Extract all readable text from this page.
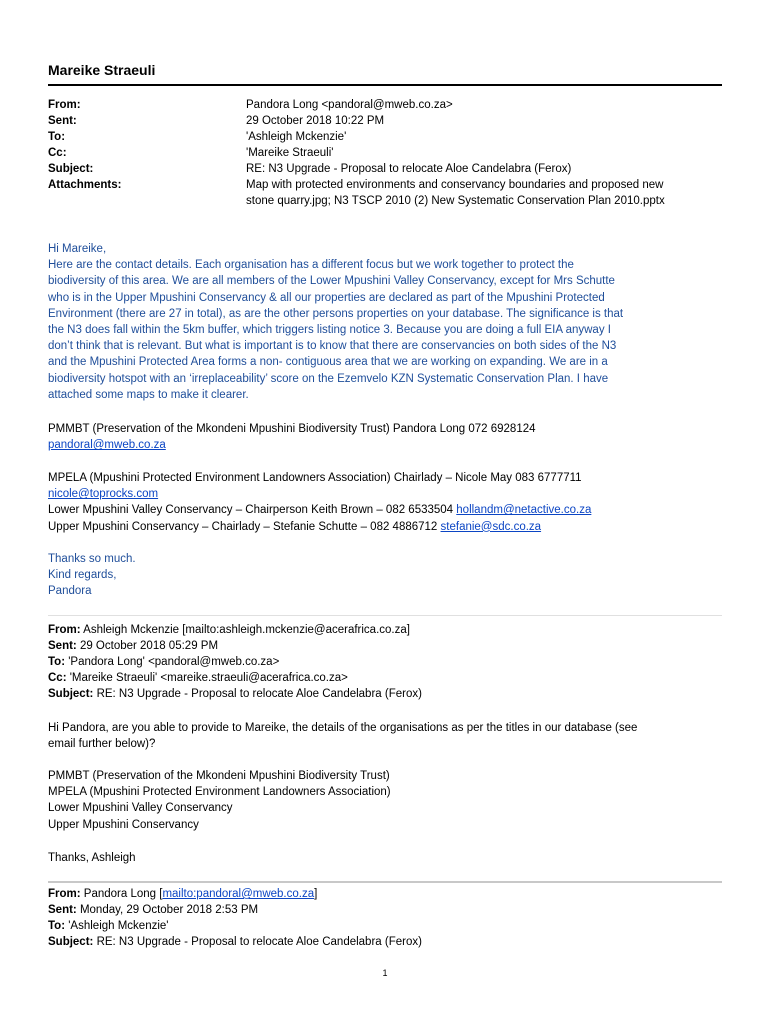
Mareike Straeuli
From:	Pandora Long <pandoral@mweb.co.za>
Sent:	29 October 2018 10:22 PM
To:	'Ashleigh Mckenzie'
Cc:	'Mareike Straeuli'
Subject:	RE: N3 Upgrade - Proposal to relocate Aloe Candelabra (Ferox)
Attachments:	Map with protected environments and conservancy boundaries and proposed new
stone quarry.jpg; N3 TSCP 2010 (2) New Systematic Conservation Plan 2010.pptx

Hi Mareike,

Here are the contact details. Each organisation has a different focus but we work together to protect the

biodiversity of this area. We are all members of the Lower Mpushini Valley Conservancy, except for Mrs Schutte

who is in the Upper Mpushini Conservancy & all our properties are declared as part of the Mpushini Protected

Environment (there are 27 in total), as are the other persons properties on your database. The significance is that

the N3 does fall within the 5km buffer, which triggers listing notice 3. Because you are doing a full EIA anyway I

don’t think that is relevant. But what is important is to know that there are conservancies on both sides of the N3

and the Mpushini Protected Area forms a non- contiguous area that we are working on expanding. We are in a

biodiversity hotspot with an ‘irreplaceability’ score on the Ezemvelo KZN Systematic Conservation Plan. I have

attached some maps to make it clearer.

PMMBT (Preservation of the Mkondeni Mpushini Biodiversity Trust) Pandora Long 072 6928124

pandoral@mweb.co.za

MPELA (Mpushini Protected Environment Landowners Association) Chairlady – Nicole May 083 6777711

nicole@toprocks.com

Lower Mpushini Valley Conservancy – Chairperson Keith Brown – 082 6533504 hollandm@netactive.co.za

Upper Mpushini Conservancy – Chairlady – Stefanie Schutte – 082 4886712 stefanie@sdc.co.za

Thanks so much.

Kind regards,

Pandora

From: Ashleigh Mckenzie [mailto:ashleigh.mckenzie@acerafrica.co.za]

Sent: 29 October 2018 05:29 PM

To: 'Pandora Long' <pandoral@mweb.co.za>

Cc: 'Mareike Straeuli' <mareike.straeuli@acerafrica.co.za>

Subject: RE: N3 Upgrade - Proposal to relocate Aloe Candelabra (Ferox)

Hi Pandora, are you able to provide to Mareike, the details of the organisations as per the titles in our database (see

email further below)?

PMMBT (Preservation of the Mkondeni Mpushini Biodiversity Trust)

MPELA (Mpushini Protected Environment Landowners Association)

Lower Mpushini Valley Conservancy

Upper Mpushini Conservancy

Thanks, Ashleigh

From: Pandora Long [mailto:pandoral@mweb.co.za]

Sent: Monday, 29 October 2018 2:53 PM

To: 'Ashleigh Mckenzie'

Subject: RE: N3 Upgrade - Proposal to relocate Aloe Candelabra (Ferox)

1
